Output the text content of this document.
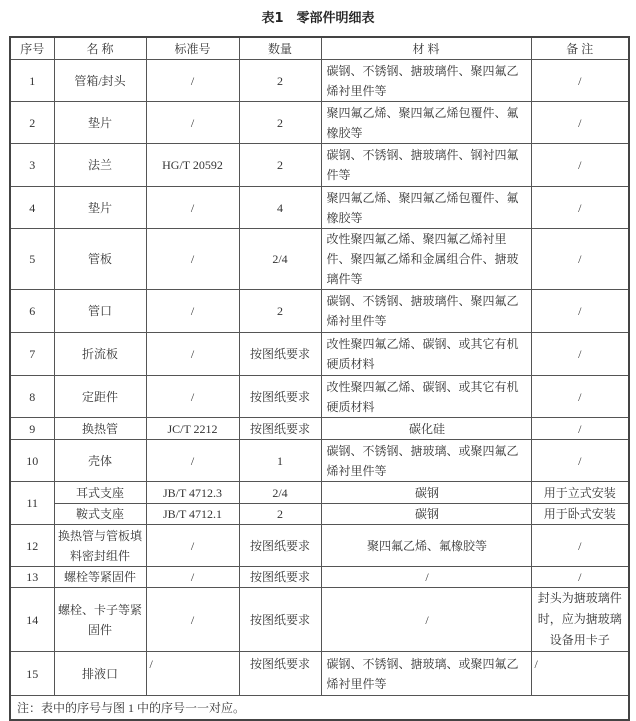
表1　零部件明细表
序号	名 称	标准号	数量	材 料	备 注
1	管箱/封头	/	2	碳钢、不锈钢、搪玻璃件、聚四氟乙烯衬里件等	/
2	垫片	/	2	聚四氟乙烯、聚四氟乙烯包覆件、氟橡胶等	/
3	法兰	HG/T 20592	2	碳钢、不锈钢、搪玻璃件、钢衬四氟件等	/
4	垫片	/	4	聚四氟乙烯、聚四氟乙烯包覆件、氟橡胶等	/
5	管板	/	2/4	改性聚四氟乙烯、聚四氟乙烯衬里件、聚四氟乙烯和金属组合件、搪玻璃件等	/
6	管口	/	2	碳钢、不锈钢、搪玻璃件、聚四氟乙烯衬里件等	/
7	折流板	/	按图纸要求	改性聚四氟乙烯、碳钢、或其它有机硬质材料	/
8	定距件	/	按图纸要求	改性聚四氟乙烯、碳钢、或其它有机硬质材料	/
9	换热管	JC/T 2212	按图纸要求	碳化硅	/
10	壳体	/	1	碳钢、不锈钢、搪玻璃、或聚四氟乙烯衬里件等	/
11	耳式支座	JB/T 4712.3	2/4	碳钢	用于立式安装
	鞍式支座	JB/T 4712.1	2	碳钢	用于卧式安装
12	换热管与管板填料密封组件	/	按图纸要求	聚四氟乙烯、氟橡胶等	/
13	螺栓等紧固件	/	按图纸要求	/	/
14	螺栓、卡子等紧固件	/	按图纸要求	/	封头为搪玻璃件时，应为搪玻璃设备用卡子
15	排液口	/	按图纸要求	碳钢、不锈钢、搪玻璃、或聚四氟乙烯衬里件等	/
注：表中的序号与图 1 中的序号一一对应。					
